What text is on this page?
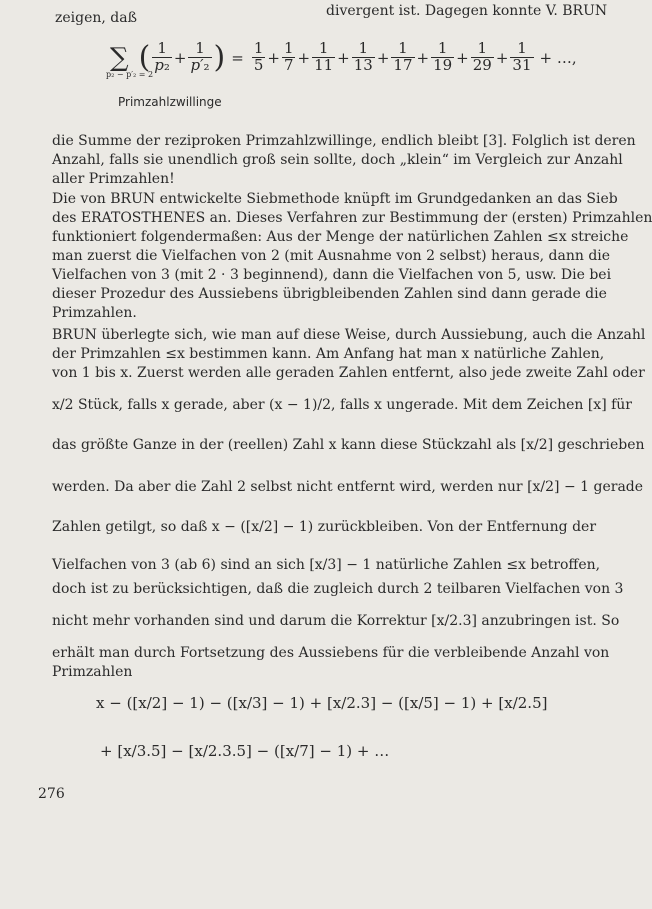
zeigen, daß	divergent ist. Dagegen konnte V. BRUN
∑ ( $\frac{1}{\text{p₂}} + \frac{1}{\text{p′₂}}$ ) = $\frac{1}{5} + \frac{1}{7} + \frac{1}{11} + \frac{1}{13} + \frac{1}{17} + \frac{1}{19} + \frac{1}{29} + \frac{1}{31}$ + …,
p₂ − p′₂ = 2
Primzahlzwillinge
die Summe der reziproken Primzahlzwillinge, endlich bleibt [3]. Folglich ist deren
Anzahl, falls sie unendlich groß sein sollte, doch „klein“ im Vergleich zur Anzahl
aller Primzahlen!
Die von BRUN entwickelte Siebmethode knüpft im Grundgedanken an das Sieb
des ERATOSTHENES an. Dieses Verfahren zur Bestimmung der (ersten) Primzahlen
funktioniert folgendermaßen: Aus der Menge der natürlichen Zahlen ≤x streiche
man zuerst die Vielfachen von 2 (mit Ausnahme von 2 selbst) heraus, dann die
Vielfachen von 3 (mit 2 · 3 beginnend), dann die Vielfachen von 5, usw. Die bei
dieser Prozedur des Aussiebens übrigbleibenden Zahlen sind dann gerade die
Primzahlen.
BRUN überlegte sich, wie man auf diese Weise, durch Aussiebung, auch die Anzahl
der Primzahlen ≤x bestimmen kann. Am Anfang hat man x natürliche Zahlen,
von 1 bis x. Zuerst werden alle geraden Zahlen entfernt, also jede zweite Zahl oder
x/2 Stück, falls x gerade, aber (x − 1)/2, falls x ungerade. Mit dem Zeichen [x] für
das größte Ganze in der (reellen) Zahl x kann diese Stückzahl als [x/2] geschrieben
werden. Da aber die Zahl 2 selbst nicht entfernt wird, werden nur [x/2] − 1 gerade
Zahlen getilgt, so daß x − ([x/2] − 1) zurückbleiben. Von der Entfernung der
Vielfachen von 3 (ab 6) sind an sich [x/3] − 1 natürliche Zahlen ≤x betroffen,
doch ist zu berücksichtigen, daß die zugleich durch 2 teilbaren Vielfachen von 3
nicht mehr vorhanden sind und darum die Korrektur [x/2.3] anzubringen ist. So
erhält man durch Fortsetzung des Aussiebens für die verbleibende Anzahl von
Primzahlen
x − ([x/2] − 1) − ([x/3] − 1) + [x/2.3] − ([x/5] − 1) + [x/2.5]
+ [x/3.5] − [x/2.3.5] − ([x/7] − 1) + …
276
